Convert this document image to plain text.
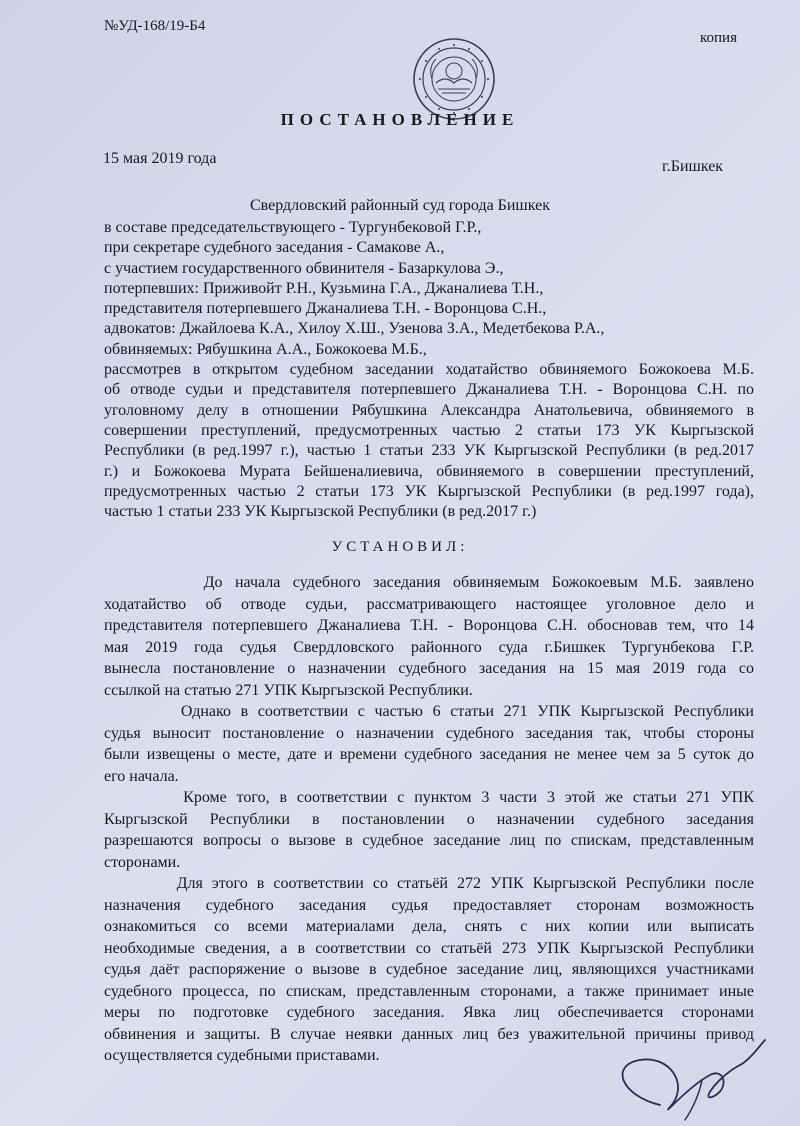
№УД-168/19-Б4
копия
ПОСТАНОВЛЕНИЕ
15 мая 2019 года	г.Бишкек
Свердловский районный суд города Бишкек
в составе председательствующего - Тургунбековой Г.Р.,
при секретаре судебного заседания - Самакове А.,
с участием государственного обвинителя - Базаркулова Э.,
потерпевших: Приживойт Р.Н., Кузьмина Г.А., Джаналиева Т.Н.,
представителя потерпевшего Джаналиева Т.Н. - Воронцова С.Н.,
адвокатов: Джайлоева К.А., Хилоу Х.Ш., Узенова З.А., Медетбекова Р.А.,
обвиняемых: Рябушкина А.А., Божокоева М.Б.,
рассмотрев в открытом судебном заседании ходатайство обвиняемого Божокоева М.Б.
об отводе судьи и представителя потерпевшего Джаналиева Т.Н. - Воронцова С.Н. по
уголовному делу в отношении Рябушкина Александра Анатольевича, обвиняемого в
совершении преступлений, предусмотренных частью 2 статьи 173 УК Кыргызской
Республики (в ред.1997 г.), частью 1 статьи 233 УК Кыргызской Республики (в ред.2017
г.) и Божокоева Мурата Бейшеналиевича, обвиняемого в совершении преступлений,
предусмотренных частью 2 статьи 173 УК Кыргызской Республики (в ред.1997 года),
частью 1 статьи 233 УК Кыргызской Республики (в ред.2017 г.)
УСТАНОВИЛ:
До начала судебного заседания обвиняемым Божокоевым М.Б. заявлено
ходатайство об отводе судьи, рассматривающего настоящее уголовное дело и
представителя потерпевшего Джаналиева Т.Н. - Воронцова С.Н. обосновав тем, что 14
мая 2019 года судья Свердловского районного суда г.Бишкек Тургунбекова Г.Р.
вынесла постановление о назначении судебного заседания на 15 мая 2019 года со
ссылкой на статью 271 УПК Кыргызской Республики.
Однако в соответствии с частью 6 статьи 271 УПК Кыргызской Республики
судья выносит постановление о назначении судебного заседания так, чтобы стороны
были извещены о месте, дате и времени судебного заседания не менее чем за 5 суток до
его начала.
Кроме того, в соответствии с пунктом 3 части 3 этой же статьи 271 УПК
Кыргызской Республики в постановлении о назначении судебного заседания
разрешаются вопросы о вызове в судебное заседание лиц по спискам, представленным
сторонами.
Для этого в соответствии со статьёй 272 УПК Кыргызской Республики после
назначения судебного заседания судья предоставляет сторонам возможность
ознакомиться со всеми материалами дела, снять с них копии или выписать
необходимые сведения, а в соответствии со статьёй 273 УПК Кыргызской Республики
судья даёт распоряжение о вызове в судебное заседание лиц, являющихся участниками
судебного процесса, по спискам, представленным сторонами, а также принимает иные
меры по подготовке судебного заседания. Явка лиц обеспечивается сторонами
обвинения и защиты. В случае неявки данных лиц без уважительной причины привод
осуществляется судебными приставами.
